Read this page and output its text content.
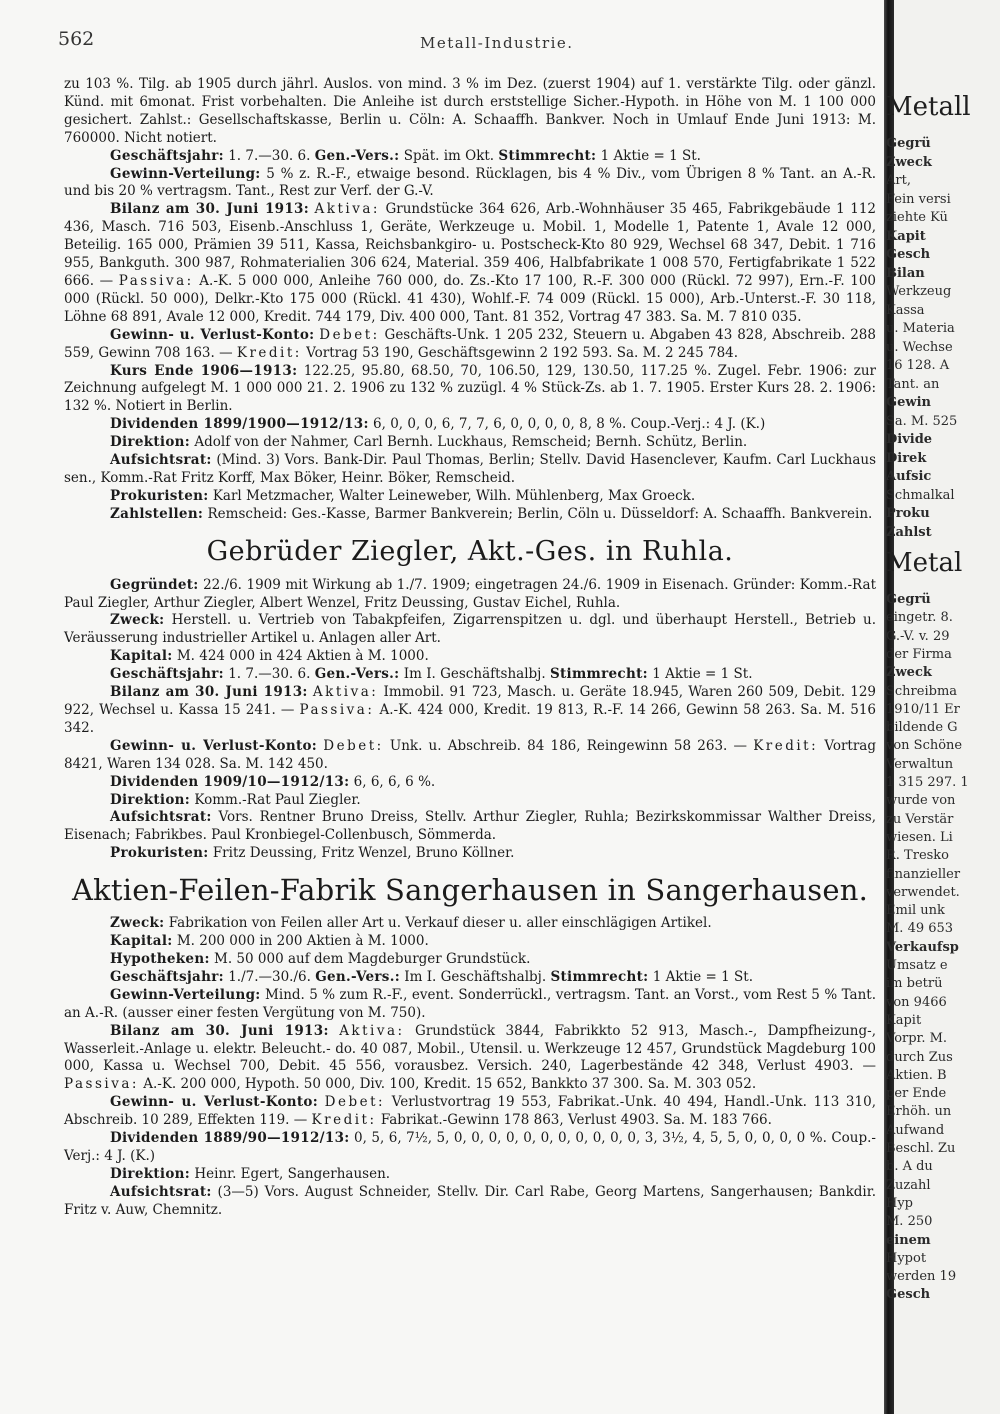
562	Metall-Industrie.

zu 103 %. Tilg. ab 1905 durch jährl. Auslos. von mind. 3 % im Dez. (zuerst 1904) auf 1. verstärkte Tilg. oder gänzl. Künd. mit 6monat. Frist vorbehalten. Die Anleihe ist durch erststellige Sicher.-Hypoth. in Höhe von M. 1 100 000 gesichert. Zahlst.: Gesellschaftskasse, Berlin u. Cöln: A. Schaaffh. Bankver. Noch in Umlauf Ende Juni 1913: M. 760000. Nicht notiert.

Geschäftsjahr: 1. 7.—30. 6. Gen.-Vers.: Spät. im Okt. Stimmrecht: 1 Aktie = 1 St.

Gewinn-Verteilung: 5 % z. R.-F., etwaige besond. Rücklagen, bis 4 % Div., vom Übrigen 8 % Tant. an A.-R. und bis 20 % vertragsm. Tant., Rest zur Verf. der G.-V.

Bilanz am 30. Juni 1913: Aktiva: Grundstücke 364 626, Arb.-Wohnhäuser 35 465, Fabrikgebäude 1 112 436, Masch. 716 503, Eisenb.-Anschluss 1, Geräte, Werkzeuge u. Mobil. 1, Modelle 1, Patente 1, Avale 12 000, Beteilig. 165 000, Prämien 39 511, Kassa, Reichsbankgiro- u. Postscheck-Kto 80 929, Wechsel 68 347, Debit. 1 716 955, Bankguth. 300 987, Rohmaterialien 306 624, Material. 359 406, Halbfabrikate 1 008 570, Fertigfabrikate 1 522 666. — Passiva: A.-K. 5 000 000, Anleihe 760 000, do. Zs.-Kto 17 100, R.-F. 300 000 (Rückl. 72 997), Ern.-F. 100 000 (Rückl. 50 000), Delkr.-Kto 175 000 (Rückl. 41 430), Wohlf.-F. 74 009 (Rückl. 15 000), Arb.-Unterst.-F. 30 118, Löhne 68 891, Avale 12 000, Kredit. 744 179, Div. 400 000, Tant. 81 352, Vortrag 47 383. Sa. M. 7 810 035.

Gewinn- u. Verlust-Konto: Debet: Geschäfts-Unk. 1 205 232, Steuern u. Abgaben 43 828, Abschreib. 288 559, Gewinn 708 163. — Kredit: Vortrag 53 190, Geschäftsgewinn 2 192 593. Sa. M. 2 245 784.

Kurs Ende 1906—1913: 122.25, 95.80, 68.50, 70, 106.50, 129, 130.50, 117.25 %. Zugel. Febr. 1906: zur Zeichnung aufgelegt M. 1 000 000 21. 2. 1906 zu 132 % zuzügl. 4 % Stück-Zs. ab 1. 7. 1905. Erster Kurs 28. 2. 1906: 132 %. Notiert in Berlin.

Dividenden 1899/1900—1912/13: 6, 0, 0, 0, 6, 7, 7, 6, 0, 0, 0, 0, 8, 8 %. Coup.-Verj.: 4 J. (K.)

Direktion: Adolf von der Nahmer, Carl Bernh. Luckhaus, Remscheid; Bernh. Schütz, Berlin.

Aufsichtsrat: (Mind. 3) Vors. Bank-Dir. Paul Thomas, Berlin; Stellv. David Hasenclever, Kaufm. Carl Luckhaus sen., Komm.-Rat Fritz Korff, Max Böker, Heinr. Böker, Remscheid.

Prokuristen: Karl Metzmacher, Walter Leineweber, Wilh. Mühlenberg, Max Groeck.

Zahlstellen: Remscheid: Ges.-Kasse, Barmer Bankverein; Berlin, Cöln u. Düsseldorf: A. Schaaffh. Bankverein.

Gebrüder Ziegler, Akt.-Ges. in Ruhla.

Gegründet: 22./6. 1909 mit Wirkung ab 1./7. 1909; eingetragen 24./6. 1909 in Eisenach. Gründer: Komm.-Rat Paul Ziegler, Arthur Ziegler, Albert Wenzel, Fritz Deussing, Gustav Eichel, Ruhla.

Zweck: Herstell. u. Vertrieb von Tabakpfeifen, Zigarrenspitzen u. dgl. und überhaupt Herstell., Betrieb u. Veräusserung industrieller Artikel u. Anlagen aller Art.

Kapital: M. 424 000 in 424 Aktien à M. 1000.

Geschäftsjahr: 1. 7.—30. 6. Gen.-Vers.: Im I. Geschäftshalbj. Stimmrecht: 1 Aktie = 1 St.

Bilanz am 30. Juni 1913: Aktiva: Immobil. 91 723, Masch. u. Geräte 18.945, Waren 260 509, Debit. 129 922, Wechsel u. Kassa 15 241. — Passiva: A.-K. 424 000, Kredit. 19 813, R.-F. 14 266, Gewinn 58 263. Sa. M. 516 342.

Gewinn- u. Verlust-Konto: Debet: Unk. u. Abschreib. 84 186, Reingewinn 58 263. — Kredit: Vortrag 8421, Waren 134 028. Sa. M. 142 450.

Dividenden 1909/10—1912/13: 6, 6, 6, 6 %.

Direktion: Komm.-Rat Paul Ziegler.

Aufsichtsrat: Vors. Rentner Bruno Dreiss, Stellv. Arthur Ziegler, Ruhla; Bezirkskommissar Walther Dreiss, Eisenach; Fabrikbes. Paul Kronbiegel-Collenbusch, Sömmerda.

Prokuristen: Fritz Deussing, Fritz Wenzel, Bruno Köllner.

Aktien-Feilen-Fabrik Sangerhausen in Sangerhausen.

Zweck: Fabrikation von Feilen aller Art u. Verkauf dieser u. aller einschlägigen Artikel.

Kapital: M. 200 000 in 200 Aktien à M. 1000.

Hypotheken: M. 50 000 auf dem Magdeburger Grundstück.

Geschäftsjahr: 1./7.—30./6. Gen.-Vers.: Im I. Geschäftshalbj. Stimmrecht: 1 Aktie = 1 St.

Gewinn-Verteilung: Mind. 5 % zum R.-F., event. Sonderrückl., vertragsm. Tant. an Vorst., vom Rest 5 % Tant. an A.-R. (ausser einer festen Vergütung von M. 750).

Bilanz am 30. Juni 1913: Aktiva: Grundstück 3844, Fabrikkto 52 913, Masch.-, Dampfheizung-, Wasserleit.-Anlage u. elektr. Beleucht.- do. 40 087, Mobil., Utensil. u. Werkzeuge 12 457, Grundstück Magdeburg 100 000, Kassa u. Wechsel 700, Debit. 45 556, vorausbez. Versich. 240, Lagerbestände 42 348, Verlust 4903. — Passiva: A.-K. 200 000, Hypoth. 50 000, Div. 100, Kredit. 15 652, Bankkto 37 300. Sa. M. 303 052.

Gewinn- u. Verlust-Konto: Debet: Verlustvortrag 19 553, Fabrikat.-Unk. 40 494, Handl.-Unk. 113 310, Abschreib. 10 289, Effekten 119. — Kredit: Fabrikat.-Gewinn 178 863, Verlust 4903. Sa. M. 183 766.

Dividenden 1889/90—1912/13: 0, 5, 6, 7½, 5, 0, 0, 0, 0, 0, 0, 0, 0, 0, 0, 0, 3, 3½, 4, 5, 5, 0, 0, 0, 0 %. Coup.-Verj.: 4 J. (K.)

Direktion: Heinr. Egert, Sangerhausen.

Aufsichtsrat: (3—5) Vors. August Schneider, Stellv. Dir. Carl Rabe, Georg Martens, Sangerhausen; Bankdir. Fritz v. Auw, Chemnitz.

Metall
Gegrü
Zweck
Art,
Fein versi
ziehte Kü
Kapit
Gesch
Bilan
Werkzeug
Kassa
u. Materia
u. Wechse
16 128. A
Tant. an
Gewin
Sa. M. 525
Divide
Direk
Aufsic
Schmalkal
Proku
Zahlst
Metal
Gegrü
eingetr. 8.
G.-V. v. 29
der Firma
Zweck
Schreibma
1910/11 Er
bildende G
von Schöne
Verwaltun
1 315 297. 1
wurde von
zu Verstär
wiesen. Li
R. Tresko
finanzieller
verwendet.
Emil unk
M. 49 653
Verkaufsp
Umsatz e
im betrü
von 9466
Kapit
Vorpr. M.
durch Zus
Aktien. B
per Ende
Erhöh. un
Aufwand
Beschl. Zu
b. A du
Zuzahl
Hyp
M. 250
einem
Hypot
werden 19
Gesch
